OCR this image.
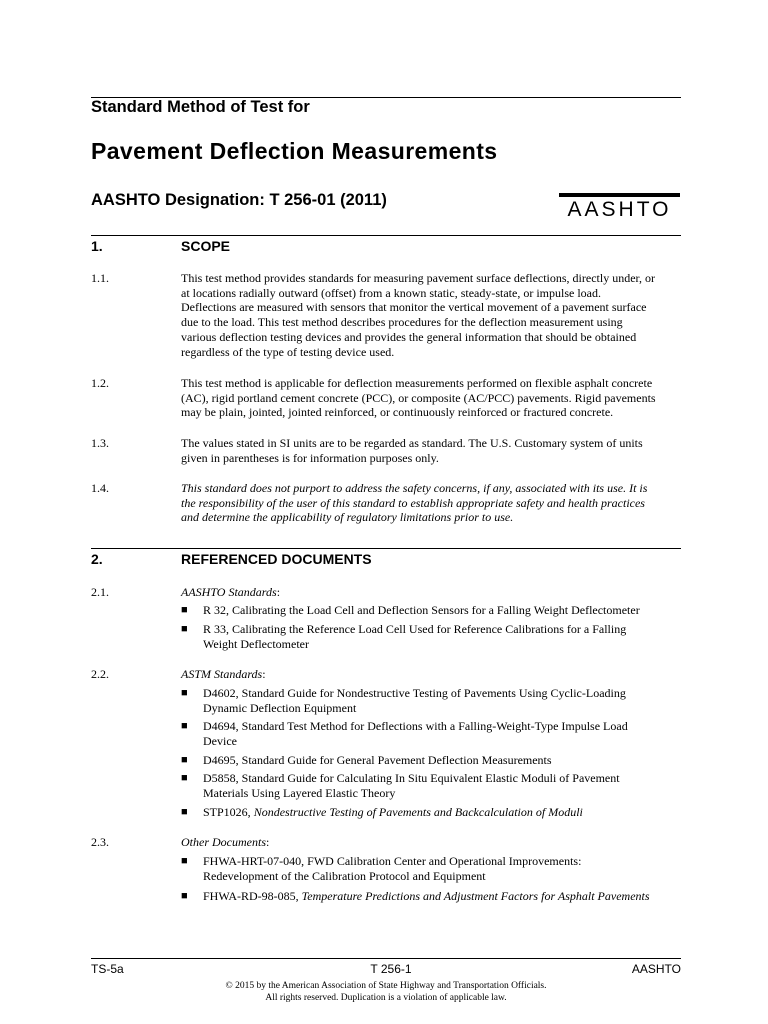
Standard Method of Test for
Pavement Deflection Measurements
AASHTO Designation: T 256-01 (2011)	AASHTO
1.	SCOPE
1.1.	This test method provides standards for measuring pavement surface deflections, directly under, or
at locations radially outward (offset) from a known static, steady-state, or impulse load.
Deflections are measured with sensors that monitor the vertical movement of a pavement surface
due to the load. This test method describes procedures for the deflection measurement using
various deflection testing devices and provides the general information that should be obtained
regardless of the type of testing device used.
1.2.	This test method is applicable for deflection measurements performed on flexible asphalt concrete
(AC), rigid portland cement concrete (PCC), or composite (AC/PCC) pavements. Rigid pavements
may be plain, jointed, jointed reinforced, or continuously reinforced or fractured concrete.
1.3.	The values stated in SI units are to be regarded as standard. The U.S. Customary system of units
given in parentheses is for information purposes only.
1.4.	This standard does not purport to address the safety concerns, if any, associated with its use. It is
the responsibility of the user of this standard to establish appropriate safety and health practices
and determine the applicability of regulatory limitations prior to use.
2.	REFERENCED DOCUMENTS
2.1.	AASHTO Standards:
■ R 32, Calibrating the Load Cell and Deflection Sensors for a Falling Weight Deflectometer
■ R 33, Calibrating the Reference Load Cell Used for Reference Calibrations for a Falling
Weight Deflectometer
2.2.	ASTM Standards:
■ D4602, Standard Guide for Nondestructive Testing of Pavements Using Cyclic-Loading
Dynamic Deflection Equipment
■ D4694, Standard Test Method for Deflections with a Falling-Weight-Type Impulse Load
Device
■ D4695, Standard Guide for General Pavement Deflection Measurements
■ D5858, Standard Guide for Calculating In Situ Equivalent Elastic Moduli of Pavement
Materials Using Layered Elastic Theory
■ STP1026, Nondestructive Testing of Pavements and Backcalculation of Moduli
2.3.	Other Documents:
■ FHWA-HRT-07-040, FWD Calibration Center and Operational Improvements:
Redevelopment of the Calibration Protocol and Equipment
■ FHWA-RD-98-085, Temperature Predictions and Adjustment Factors for Asphalt Pavements
TS-5a	T 256-1	AASHTO
© 2015 by the American Association of State Highway and Transportation Officials.
All rights reserved. Duplication is a violation of applicable law.
